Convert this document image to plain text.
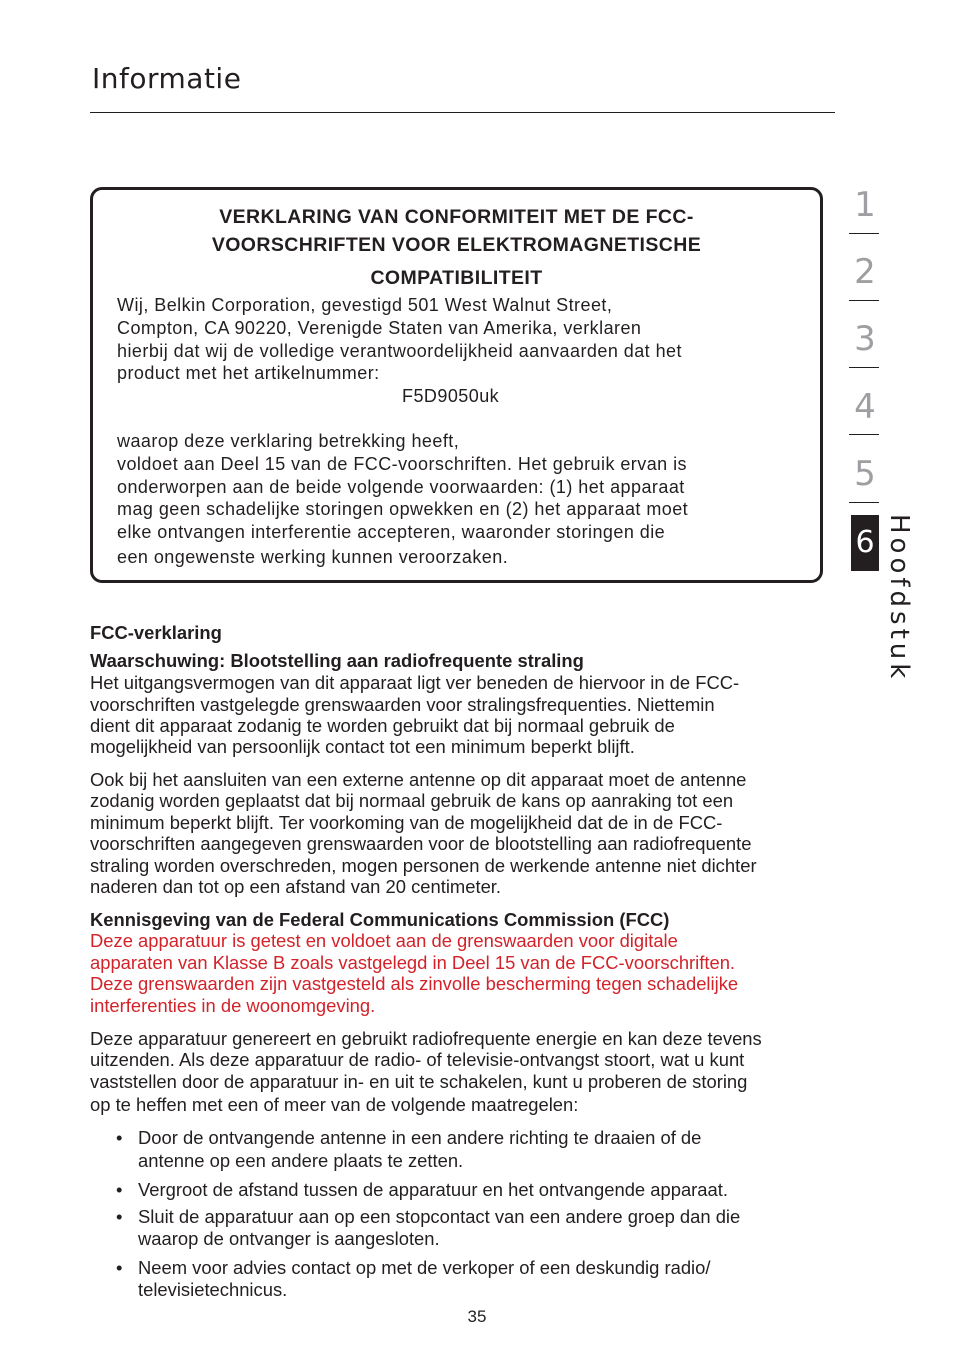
Informatie
VERKLARING VAN CONFORMITEIT MET DE FCC-
VOORSCHRIFTEN VOOR ELEKTROMAGNETISCHE
COMPATIBILITEIT
Wij, Belkin Corporation, gevestigd 501 West Walnut Street,
Compton, CA 90220, Verenigde Staten van Amerika, verklaren
hierbij dat wij de volledige verantwoordelijkheid aanvaarden dat het
product met het artikelnummer:
F5D9050uk
waarop deze verklaring betrekking heeft,
voldoet aan Deel 15 van de FCC-voorschriften. Het gebruik ervan is
onderworpen aan de beide volgende voorwaarden: (1) het apparaat
mag geen schadelijke storingen opwekken en (2) het apparaat moet
elke ontvangen interferentie accepteren, waaronder storingen die
een ongewenste werking kunnen veroorzaken.
FCC-verklaring
Waarschuwing: Blootstelling aan radiofrequente straling
Het uitgangsvermogen van dit apparaat ligt ver beneden de hiervoor in de FCC-
voorschriften vastgelegde grenswaarden voor stralingsfrequenties. Niettemin
dient dit apparaat zodanig te worden gebruikt dat bij normaal gebruik de
mogelijkheid van persoonlijk contact tot een minimum beperkt blijft.
Ook bij het aansluiten van een externe antenne op dit apparaat moet de antenne
zodanig worden geplaatst dat bij normaal gebruik de kans op aanraking tot een
minimum beperkt blijft. Ter voorkoming van de mogelijkheid dat de in de FCC-
voorschriften aangegeven grenswaarden voor de blootstelling aan radiofrequente
straling worden overschreden, mogen personen de werkende antenne niet dichter
naderen dan tot op een afstand van 20 centimeter.
Kennisgeving van de Federal Communications Commission (FCC)
Deze apparatuur is getest en voldoet aan de grenswaarden voor digitale
apparaten van Klasse B zoals vastgelegd in Deel 15 van de FCC-voorschriften.
Deze grenswaarden zijn vastgesteld als zinvolle bescherming tegen schadelijke
interferenties in de woonomgeving.
Deze apparatuur genereert en gebruikt radiofrequente energie en kan deze tevens
uitzenden. Als deze apparatuur de radio- of televisie-ontvangst stoort, wat u kunt
vaststellen door de apparatuur in- en uit te schakelen, kunt u proberen de storing
op te heffen met een of meer van de volgende maatregelen:
• Door de ontvangende antenne in een andere richting te draaien of de
antenne op een andere plaats te zetten.
• Vergroot de afstand tussen de apparatuur en het ontvangende apparaat.
• Sluit de apparatuur aan op een stopcontact van een andere groep dan die
waarop de ontvanger is aangesloten.
• Neem voor advies contact op met de verkoper of een deskundig radio/
televisietechnicus.
35
1
2
3
4
5
6 Hoofdstuk
